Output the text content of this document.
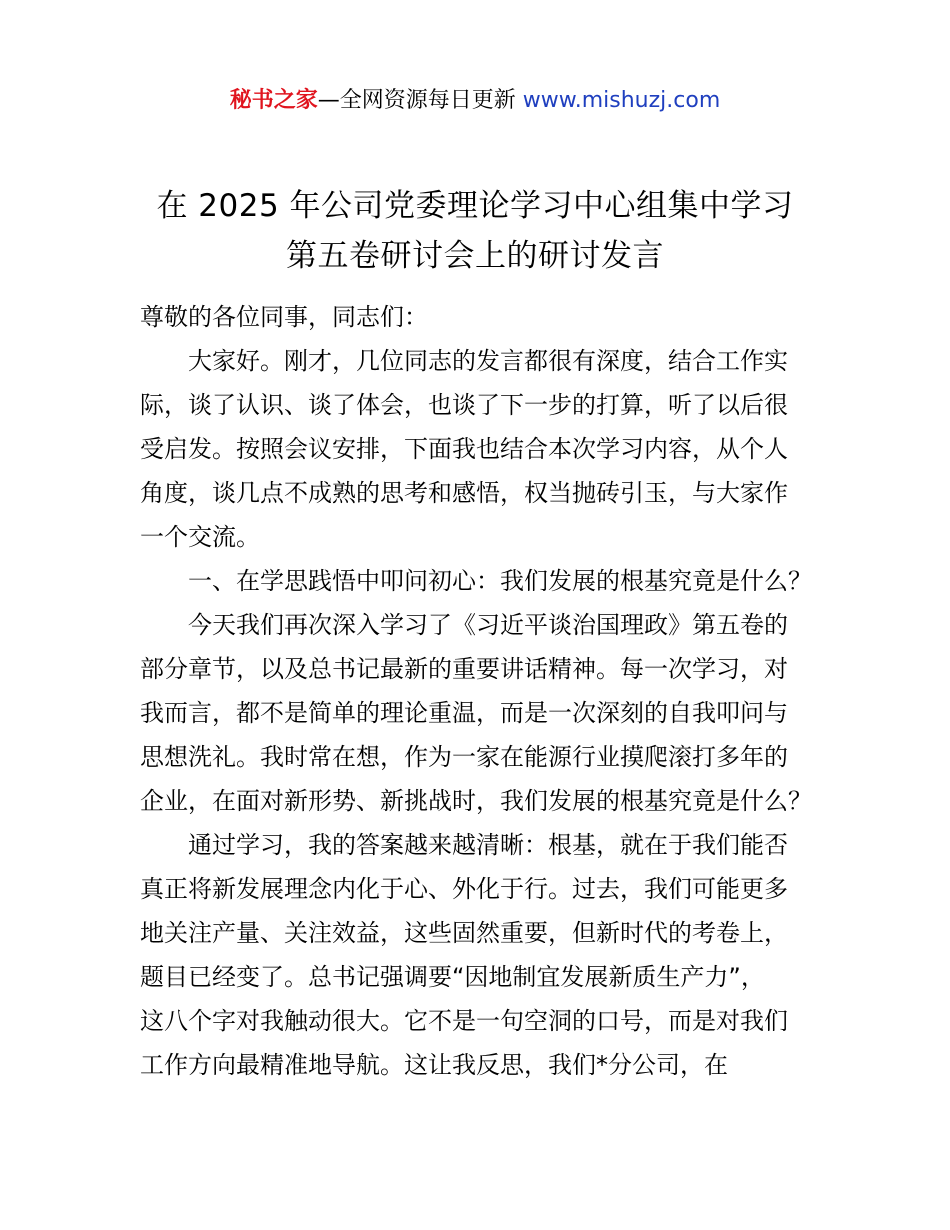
秘书之家—全网资源每日更新 www.mishuzj.com
在 2025 年公司党委理论学习中心组集中学习
第五卷研讨会上的研讨发言
尊敬的各位同事，同志们：
大家好。刚才，几位同志的发言都很有深度，结合工作实
际，谈了认识、谈了体会，也谈了下一步的打算，听了以后很
受启发。按照会议安排，下面我也结合本次学习内容，从个人
角度，谈几点不成熟的思考和感悟，权当抛砖引玉，与大家作
一个交流。
一、在学思践悟中叩问初心：我们发展的根基究竟是什么？
今天我们再次深入学习了《习近平谈治国理政》第五卷的
部分章节，以及总书记最新的重要讲话精神。每一次学习，对
我而言，都不是简单的理论重温，而是一次深刻的自我叩问与
思想洗礼。我时常在想，作为一家在能源行业摸爬滚打多年的
企业，在面对新形势、新挑战时，我们发展的根基究竟是什么？
通过学习，我的答案越来越清晰：根基，就在于我们能否
真正将新发展理念内化于心、外化于行。过去，我们可能更多
地关注产量、关注效益，这些固然重要，但新时代的考卷上，
题目已经变了。总书记强调要“因地制宜发展新质生产力”，
这八个字对我触动很大。它不是一句空洞的口号，而是对我们
工作方向最精准地导航。这让我反思，我们*分公司，在
